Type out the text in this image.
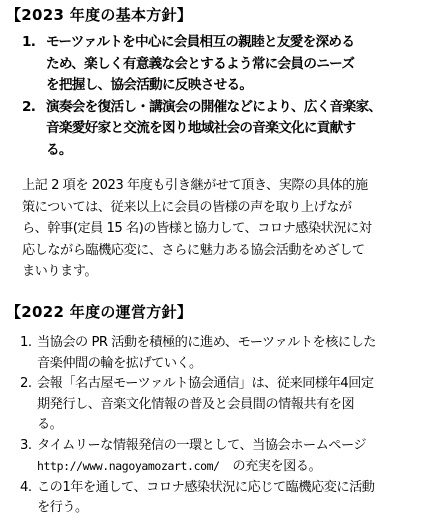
【2023 年度の基本方針】
1. モーツァルトを中心に会員相互の親睦と友愛を深める
ため、楽しく有意義な会とするよう常に会員のニーズ
を把握し、協会活動に反映させる。
2. 演奏会を復活し・講演会の開催などにより、広く音楽家、
音楽愛好家と交流を図り地域社会の音楽文化に貢献す
る。
上記 2 項を 2023 年度も引き継がせて頂き、実際の具体的施
策については、従来以上に会員の皆様の声を取り上げなが
ら、幹事(定員 15 名)の皆様と協力して、コロナ感染状況に対
応しながら臨機応変に、さらに魅力ある協会活動をめざして
まいります。
【2022 年度の運営方針】
1. 当協会の PR 活動を積極的に進め、モーツァルトを核にした
音楽仲間の輪を拡げていく。
2. 会報「名古屋モーツァルト協会通信」は、従来同様年4回定
期発行し、音楽文化情報の普及と会員間の情報共有を図
る。
3. タイムリーな情報発信の一環として、当協会ホームページ
http://www.nagoyamozart.com/　の充実を図る。
4. この1年を通して、コロナ感染状況に応じて臨機応変に活動
を行う。
